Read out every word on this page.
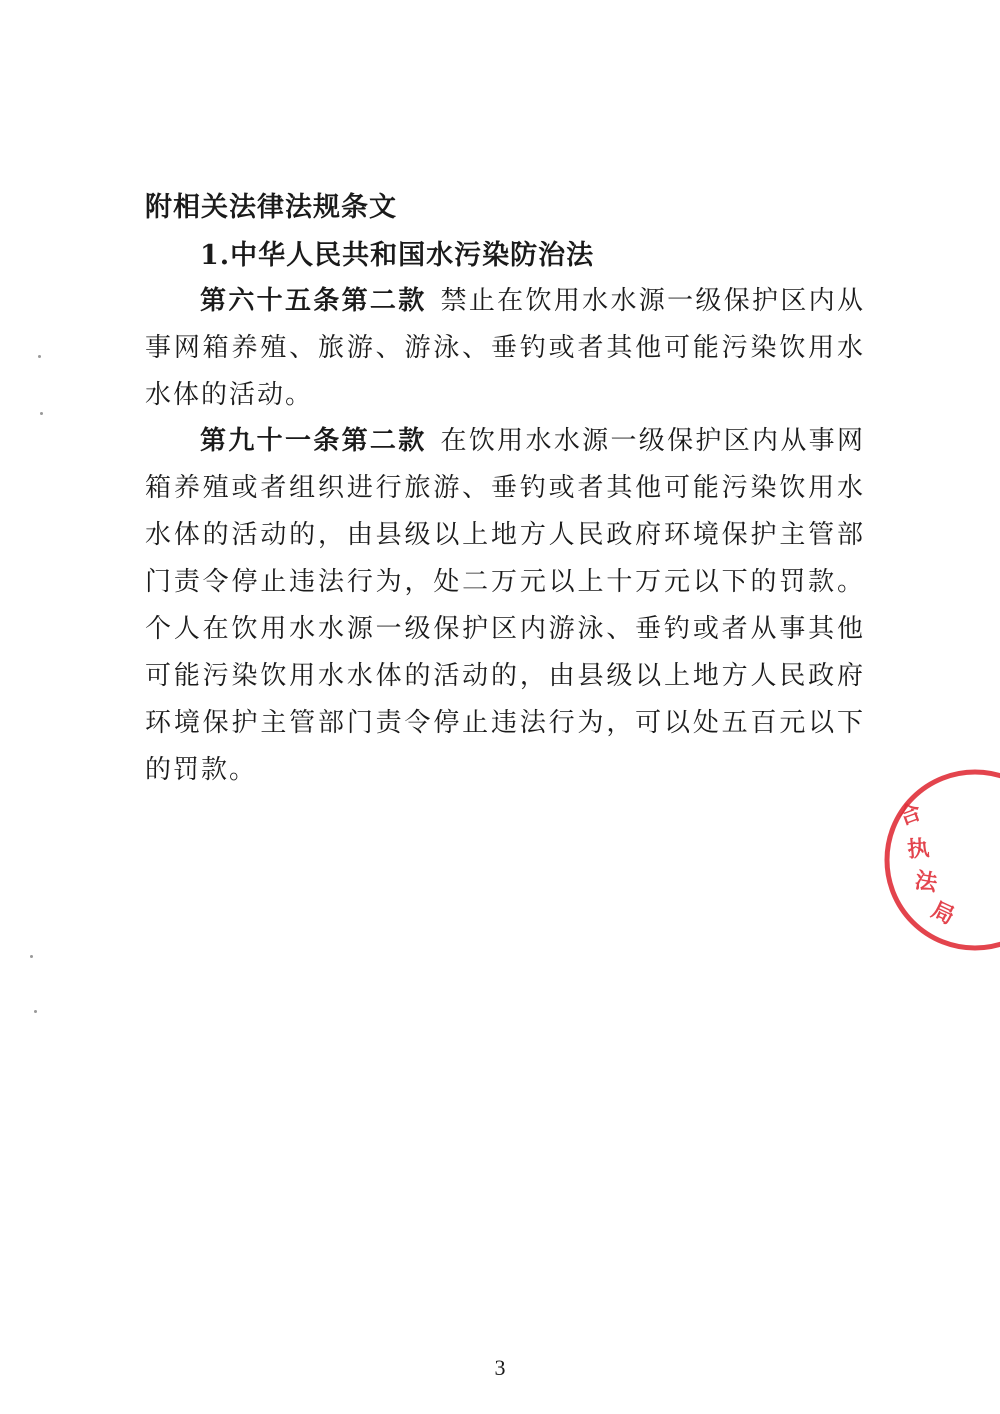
附相关法律法规条文
1.中华人民共和国水污染防治法

第六十五条第二款 禁止在饮用水水源一级保护区内从事网箱养殖、旅游、游泳、垂钓或者其他可能污染饮用水水体的活动。

第九十一条第二款 在饮用水水源一级保护区内从事网箱养殖或者组织进行旅游、垂钓或者其他可能污染饮用水水体的活动的，由县级以上地方人民政府环境保护主管部门责令停止违法行为，处二万元以上十万元以下的罚款。个人在饮用水水源一级保护区内游泳、垂钓或者从事其他可能污染饮用水水体的活动的，由县级以上地方人民政府环境保护主管部门责令停止违法行为，可以处五百元以下的罚款。

合
执
法
局
3
